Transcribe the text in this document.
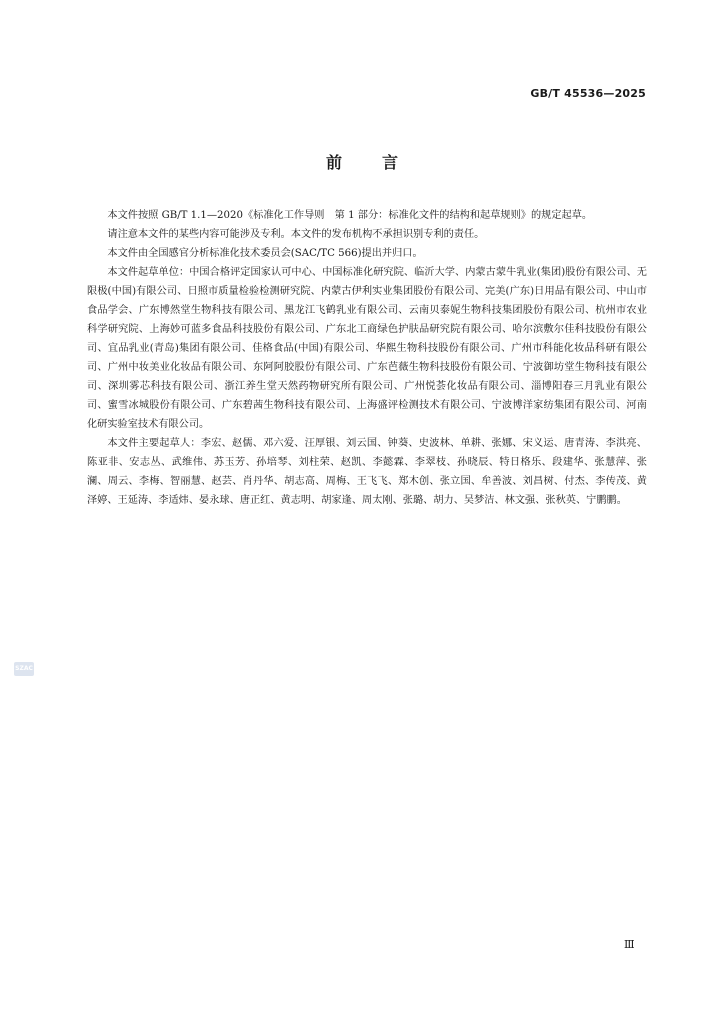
GB/T 45536—2025
前言

本文件按照 GB/T 1.1—2020《标准化工作导则　第 1 部分：标准化文件的结构和起草规则》的规定起草。

请注意本文件的某些内容可能涉及专利。本文件的发布机构不承担识别专利的责任。

本文件由全国感官分析标准化技术委员会(SAC/TC 566)提出并归口。

本文件起草单位：中国合格评定国家认可中心、中国标准化研究院、临沂大学、内蒙古蒙牛乳业(集团)股份有限公司、无限极(中国)有限公司、日照市质量检验检测研究院、内蒙古伊利实业集团股份有限公司、完美(广东)日用品有限公司、中山市食品学会、广东博然堂生物科技有限公司、黑龙江飞鹤乳业有限公司、云南贝泰妮生物科技集团股份有限公司、杭州市农业科学研究院、上海妙可蓝多食品科技股份有限公司、广东北工商绿色护肤品研究院有限公司、哈尔滨敷尔佳科技股份有限公司、宜品乳业(青岛)集团有限公司、佳格食品(中国)有限公司、华熙生物科技股份有限公司、广州市科能化妆品科研有限公司、广州中妆美业化妆品有限公司、东阿阿胶股份有限公司、广东芭薇生物科技股份有限公司、宁波御坊堂生物科技有限公司、深圳雾芯科技有限公司、浙江养生堂天然药物研究所有限公司、广州悦荟化妆品有限公司、淄博阳春三月乳业有限公司、蜜雪冰城股份有限公司、广东碧茜生物科技有限公司、上海盛评检测技术有限公司、宁波博洋家纺集团有限公司、河南化研实验室技术有限公司。

本文件主要起草人：李宏、赵儒、邓六爱、汪厚银、刘云国、钟葵、史波林、单耕、张娜、宋义运、唐青涛、李洪亮、陈亚非、安志丛、武维伟、苏玉芳、孙培琴、刘柱荣、赵凯、李懿霖、李翠枝、孙晓辰、特日格乐、段建华、张慧萍、张澜、周云、李梅、智丽慧、赵芸、肖丹华、胡志高、周梅、王飞飞、郑木创、张立国、牟善波、刘昌树、付杰、李传茂、黄泽婷、王延涛、李适炜、晏永球、唐正红、黄志明、胡家逢、周太刚、张璐、胡力、吴梦洁、林文强、张秋英、宁鹏鹏。

SZAC
Ⅲ
